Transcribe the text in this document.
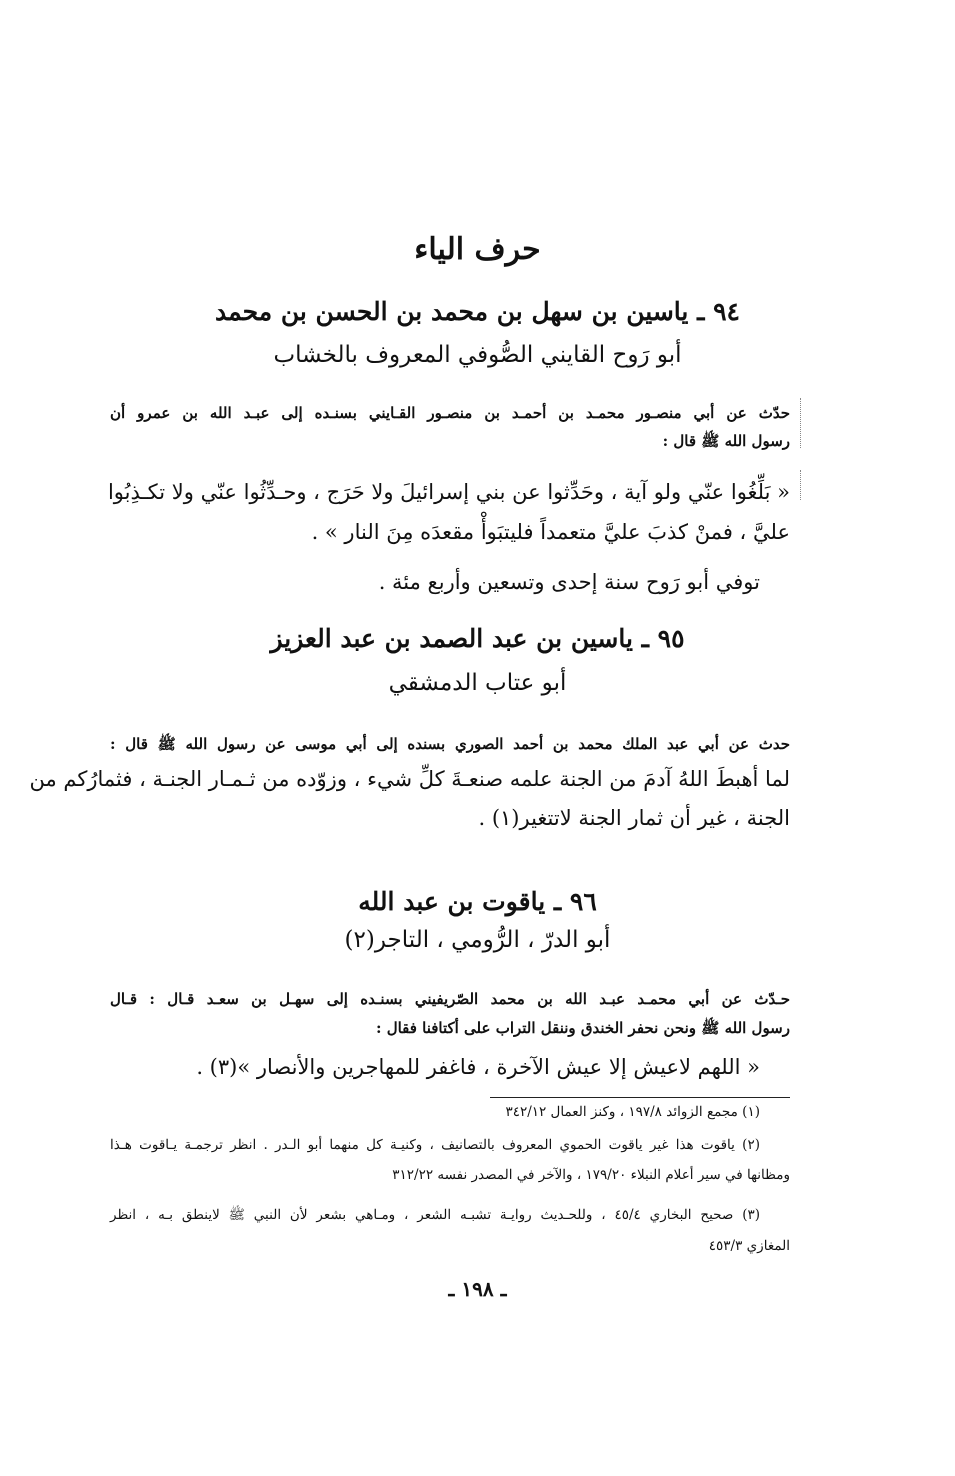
حرف الياء
٩٤ ـ ياسين بن سهل بن محمد بن الحسن بن محمد
أبو رَوح القايني الصُّوفي المعروف بالخشاب
حدّث عن أبي منصـور محمـد بن أحمـد بن منصـور القـايني بسنـده إلى عبـد الله بن عمرو أن
رسول الله ﷺ قال :
« بَلِّغُوا عنّي ولو آية ، وحَدِّثوا عن بني إسرائيلَ ولا حَرَج ، وحـدِّثُوا عنّي ولا تكـذِبُوا
عليَّ ، فمنْ كذبَ عليَّ متعمداً فليتبَوأْ مقعدَه مِنَ النار » .
توفي أبو رَوح سنة إحدى وتسعين وأربع مئة .
٩٥ ـ ياسين بن عبد الصمد بن عبد العزيز
أبو عتاب الدمشقي
حدث عن أبي عبد الملك محمد بن أحمد الصوري بسنده إلى أبي موسى عن رسول الله ﷺ قال :
لما أهبطَ اللهُ آدمَ من الجنة علمه صنعـةَ كلِّ شيء ، وزوّده من ثـمـار الجنـة ، فثمارُكم من
الجنة ، غير أن ثمار الجنة لاتتغير(١) .
٩٦ ـ ياقوت بن عبد الله
أبو الدرّ ، الرُّومي ، التاجر(٢)
حـدّث عن أبي محمـد عبـد الله بن محمد الصّريفيني بسنـده إلى سهـل بن سعـد قـال : قـال
رسول الله ﷺ ونحن نحفر الخندق وننقل التراب على أكتافنا فقال :
« اللهم لاعيش إلا عيش الآخرة ، فاغفر للمهاجرين والأنصار »(٣) .
(١) مجمع الزوائد ١٩٧/٨ ، وكنز العمال ٣٤٢/١٢
(٢) ياقوت هذا غير ياقوت الحموي المعروف بالتصانيف ، وكنيـة كل منهما أبو الـدر . انظر ترجمـة يـاقوت هـذا
ومظانها في سير أعلام النبلاء ١٧٩/٢٠ ، والآخر في المصدر نفسه ٣١٢/٢٢
(٣) صحيح البخاري ٤٥/٤ ، وللحـديث روايـة تشبـه الشعر ، ومـاهي بشعر لأن النبي ﷺ لاينطق بـه ، انظر
المغازي ٤٥٣/٣
ـ ١٩٨ ـ
